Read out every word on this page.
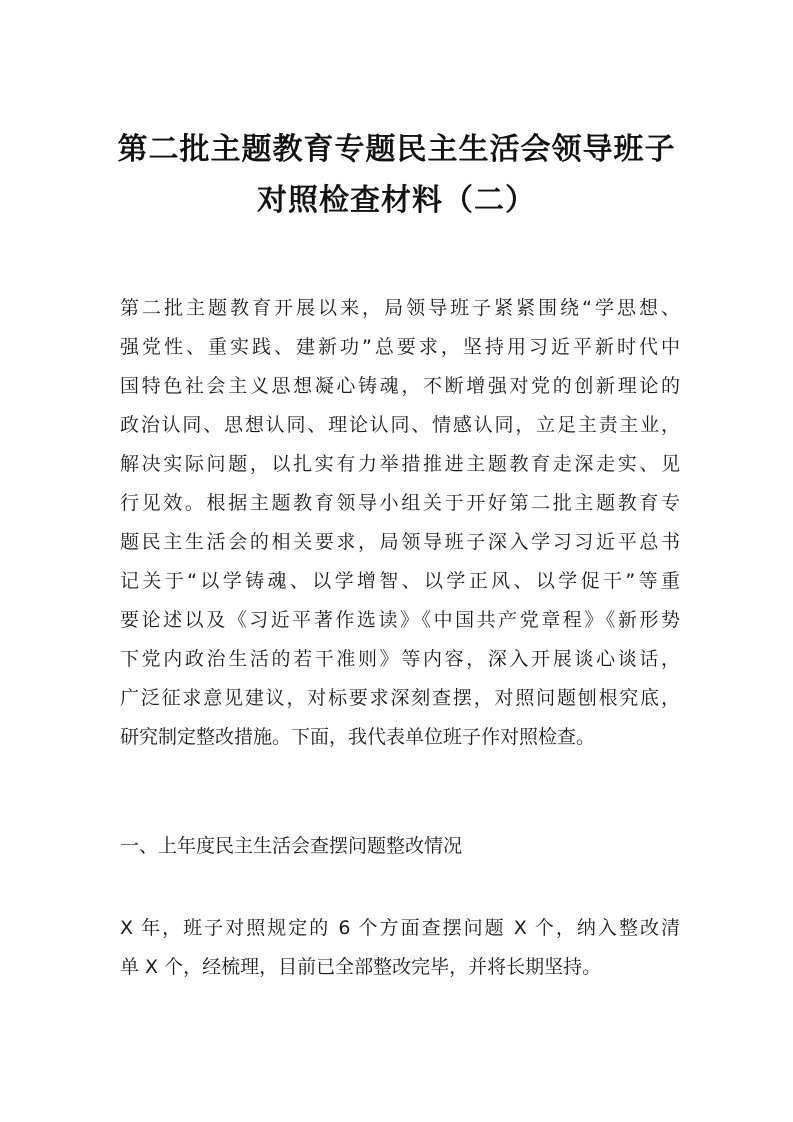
第二批主题教育专题民主生活会领导班子
对照检查材料（二）
第二批主题教育开展以来，局领导班子紧紧围绕“学思想、
强党性、重实践、建新功”总要求，坚持用习近平新时代中
国特色社会主义思想凝心铸魂，不断增强对党的创新理论的
政治认同、思想认同、理论认同、情感认同，立足主责主业，
解决实际问题，以扎实有力举措推进主题教育走深走实、见
行见效。根据主题教育领导小组关于开好第二批主题教育专
题民主生活会的相关要求，局领导班子深入学习习近平总书
记关于“以学铸魂、以学增智、以学正风、以学促干”等重
要论述以及《习近平著作选读》《中国共产党章程》《新形势
下党内政治生活的若干准则》等内容，深入开展谈心谈话，
广泛征求意见建议，对标要求深刻查摆，对照问题刨根究底，
研究制定整改措施。下面，我代表单位班子作对照检查。
一、上年度民主生活会查摆问题整改情况
X 年，班子对照规定的 6 个方面查摆问题 X 个，纳入整改清
单 X 个，经梳理，目前已全部整改完毕，并将长期坚持。
